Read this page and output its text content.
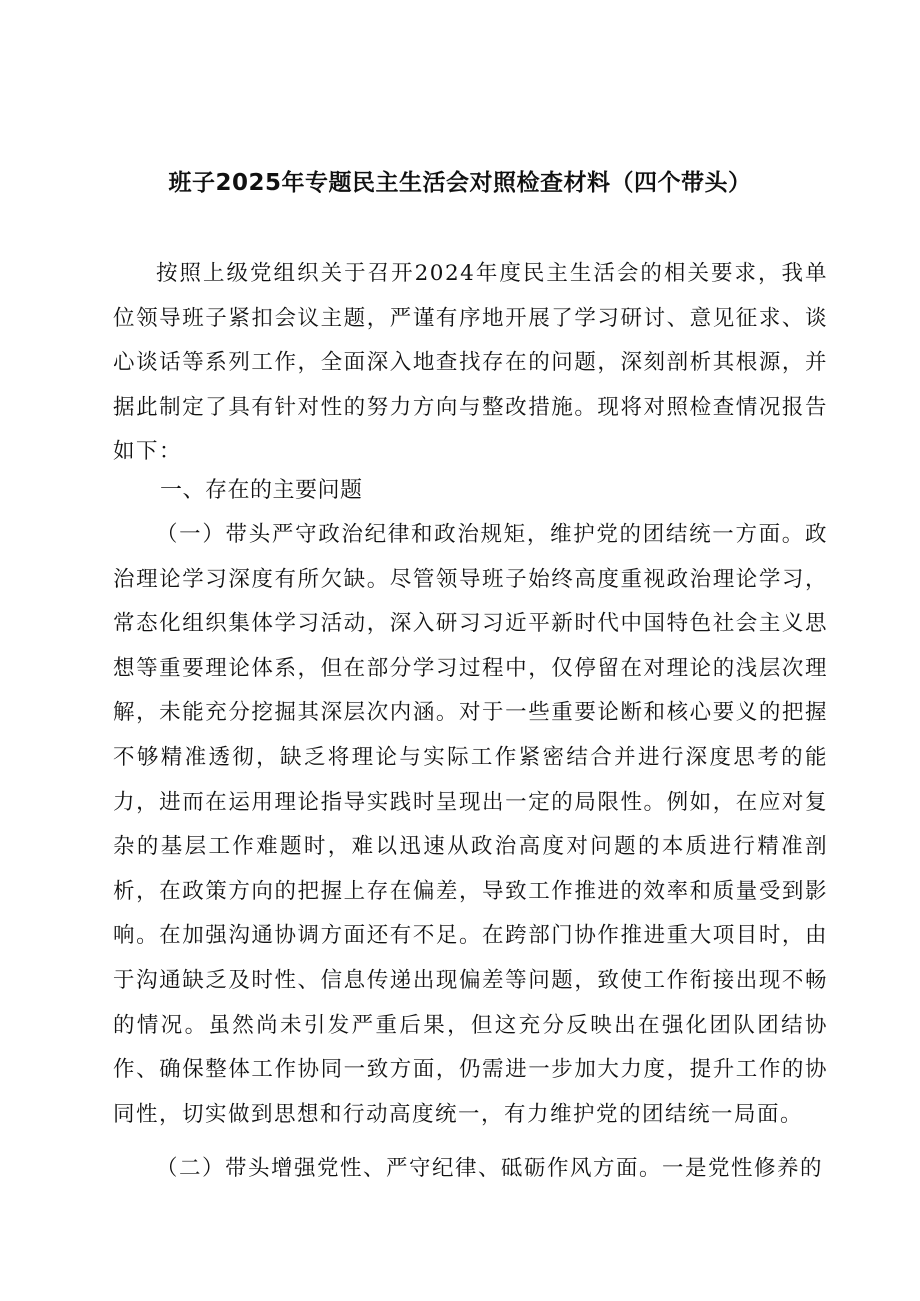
班子2025年专题民主生活会对照检查材料（四个带头）

按照上级党组织关于召开2024年度民主生活会的相关要求，我单位领导班子紧扣会议主题，严谨有序地开展了学习研讨、意见征求、谈心谈话等系列工作，全面深入地查找存在的问题，深刻剖析其根源，并据此制定了具有针对性的努力方向与整改措施。现将对照检查情况报告如下：

一、存在的主要问题

（一）带头严守政治纪律和政治规矩，维护党的团结统一方面。政治理论学习深度有所欠缺。尽管领导班子始终高度重视政治理论学习，常态化组织集体学习活动，深入研习习近平新时代中国特色社会主义思想等重要理论体系，但在部分学习过程中，仅停留在对理论的浅层次理解，未能充分挖掘其深层次内涵。对于一些重要论断和核心要义的把握不够精准透彻，缺乏将理论与实际工作紧密结合并进行深度思考的能力，进而在运用理论指导实践时呈现出一定的局限性。例如，在应对复杂的基层工作难题时，难以迅速从政治高度对问题的本质进行精准剖析，在政策方向的把握上存在偏差，导致工作推进的效率和质量受到影响。在加强沟通协调方面还有不足。在跨部门协作推进重大项目时，由于沟通缺乏及时性、信息传递出现偏差等问题，致使工作衔接出现不畅的情况。虽然尚未引发严重后果，但这充分反映出在强化团队团结协作、确保整体工作协同一致方面，仍需进一步加大力度，提升工作的协同性，切实做到思想和行动高度统一，有力维护党的团结统一局面。

（二）带头增强党性、严守纪律、砥砺作风方面。一是党性修养的
